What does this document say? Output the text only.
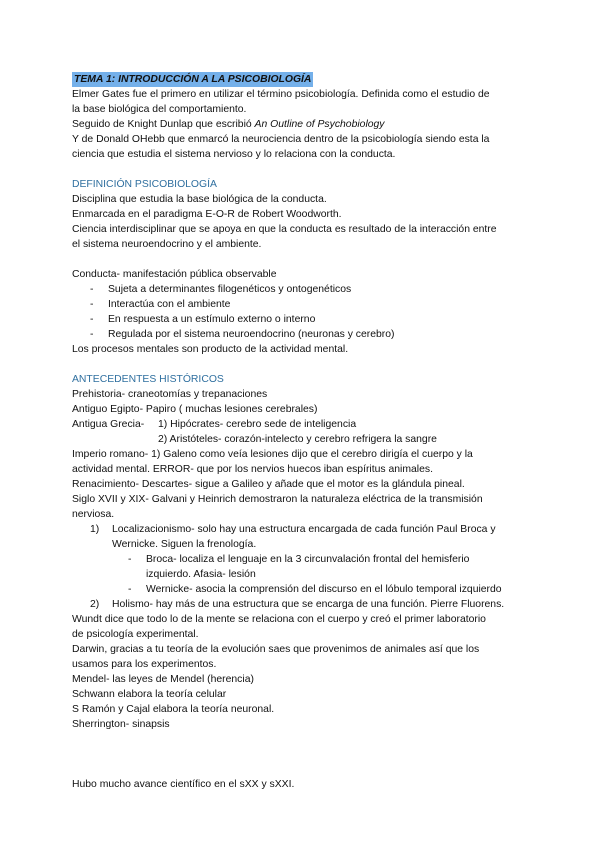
TEMA 1: INTRODUCCIÓN A LA PSICOBIOLOGÍA
Elmer Gates fue el primero en utilizar el término psicobiología. Definida como el estudio de
la base biológica del comportamiento.
Seguido de Knight Dunlap que escribió An Outline of Psychobiology
Y de Donald OHebb que enmarcó la neurociencia dentro de la psicobiología siendo esta la
ciencia que estudia el sistema nervioso y lo relaciona con la conducta.
DEFINICIÓN PSICOBIOLOGÍA
Disciplina que estudia la base biológica de la conducta.
Enmarcada en el paradigma E-O-R de Robert Woodworth.
Ciencia interdisciplinar que se apoya en que la conducta es resultado de la interacción entre
el sistema neuroendocrino y el ambiente.
Conducta- manifestación pública observable
- Sujeta a determinantes filogenéticos y ontogenéticos
- Interactúa con el ambiente
- En respuesta a un estímulo externo o interno
- Regulada por el sistema neuroendocrino (neuronas y cerebro)
Los procesos mentales son producto de la actividad mental.
ANTECEDENTES HISTÓRICOS
Prehistoria- craneotomías y trepanaciones
Antiguo Egipto- Papiro ( muchas lesiones cerebrales)
Antigua Grecia- 1) Hipócrates- cerebro sede de inteligencia
2) Aristóteles- corazón-intelecto y cerebro refrigera la sangre
Imperio romano- 1) Galeno como veía lesiones dijo que el cerebro dirigía el cuerpo y la
actividad mental. ERROR- que por los nervios huecos iban espíritus animales.
Renacimiento- Descartes- sigue a Galileo y añade que el motor es la glándula pineal.
Siglo XVII y XIX- Galvani y Heinrich demostraron la naturaleza eléctrica de la transmisión
nerviosa.
1) Localizacionismo- solo hay una estructura encargada de cada función Paul Broca y
Wernicke. Siguen la frenología.
- Broca- localiza el lenguaje en la 3 circunvalación frontal del hemisferio
izquierdo. Afasia- lesión
- Wernicke- asocia la comprensión del discurso en el lóbulo temporal izquierdo
2) Holismo- hay más de una estructura que se encarga de una función. Pierre Fluorens.
Wundt dice que todo lo de la mente se relaciona con el cuerpo y creó el primer laboratorio
de psicología experimental.
Darwin, gracias a tu teoría de la evolución saes que provenimos de animales así que los
usamos para los experimentos.
Mendel- las leyes de Mendel (herencia)
Schwann elabora la teoría celular
S Ramón y Cajal elabora la teoría neuronal.
Sherrington- sinapsis
Hubo mucho avance científico en el sXX y sXXI.
